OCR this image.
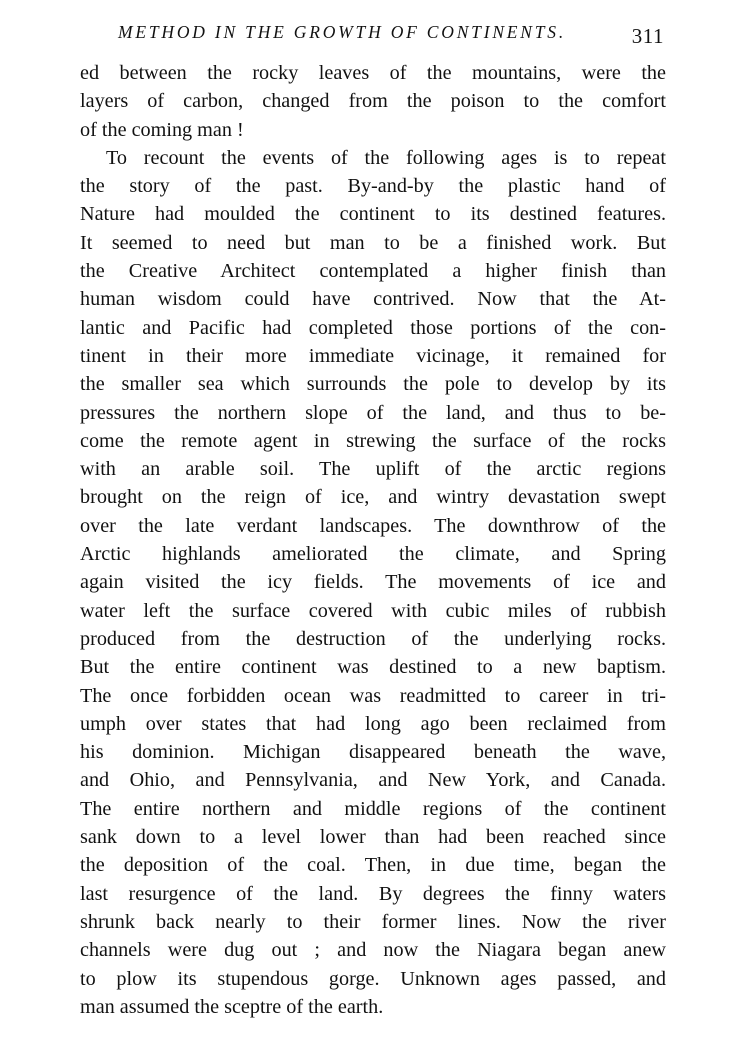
METHOD IN THE GROWTH OF CONTINENTS.	311
ed between the rocky leaves of the mountains, were the
layers of carbon, changed from the poison to the comfort
of the coming man !
To recount the events of the following ages is to repeat
the story of the past. By-and-by the plastic hand of
Nature had moulded the continent to its destined features.
It seemed to need but man to be a finished work. But
the Creative Architect contemplated a higher finish than
human wisdom could have contrived. Now that the At-
lantic and Pacific had completed those portions of the con-
tinent in their more immediate vicinage, it remained for
the smaller sea which surrounds the pole to develop by its
pressures the northern slope of the land, and thus to be-
come the remote agent in strewing the surface of the rocks
with an arable soil. The uplift of the arctic regions
brought on the reign of ice, and wintry devastation swept
over the late verdant landscapes. The downthrow of the
Arctic highlands ameliorated the climate, and Spring
again visited the icy fields. The movements of ice and
water left the surface covered with cubic miles of rubbish
produced from the destruction of the underlying rocks.
But the entire continent was destined to a new baptism.
The once forbidden ocean was readmitted to career in tri-
umph over states that had long ago been reclaimed from
his dominion. Michigan disappeared beneath the wave,
and Ohio, and Pennsylvania, and New York, and Canada.
The entire northern and middle regions of the continent
sank down to a level lower than had been reached since
the deposition of the coal. Then, in due time, began the
last resurgence of the land. By degrees the finny waters
shrunk back nearly to their former lines. Now the river
channels were dug out ; and now the Niagara began anew
to plow its stupendous gorge. Unknown ages passed, and
man assumed the sceptre of the earth.
